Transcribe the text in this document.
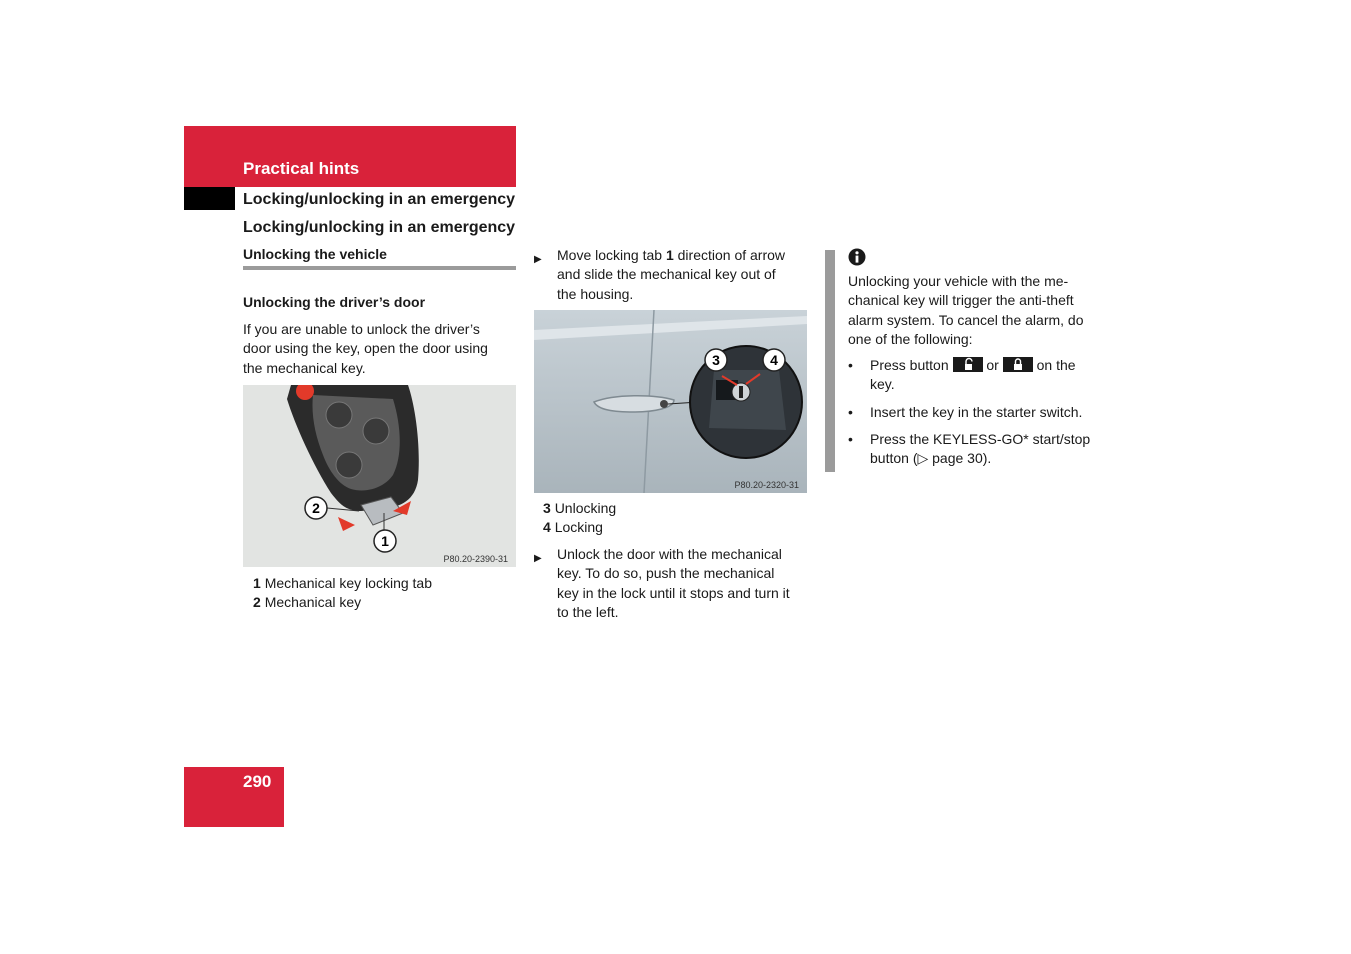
Practical hints
Locking/unlocking in an emergency
Locking/unlocking in an emergency
Unlocking the vehicle
Unlocking the driver’s door
If you are unable to unlock the driver’s door using the key, open the door using the mechanical key.
2
1
P80.20-2390-31
1 Mechanical key locking tab
2 Mechanical key
▶ Move locking tab 1 direction of arrow and slide the mechanical key out of the housing.
3	4
P80.20-2320-31
3 Unlocking
4 Locking
▶ Unlock the door with the mechanical key. To do so, push the mechanical key in the lock until it stops and turn it to the left.
Unlocking your vehicle with the me-chanical key will trigger the anti-theft alarm system. To cancel the alarm, do one of the following:
• Press button	or	on the key.
• Insert the key in the starter switch.
• Press the KEYLESS-GO* start/stop button (▷ page 30).
290
